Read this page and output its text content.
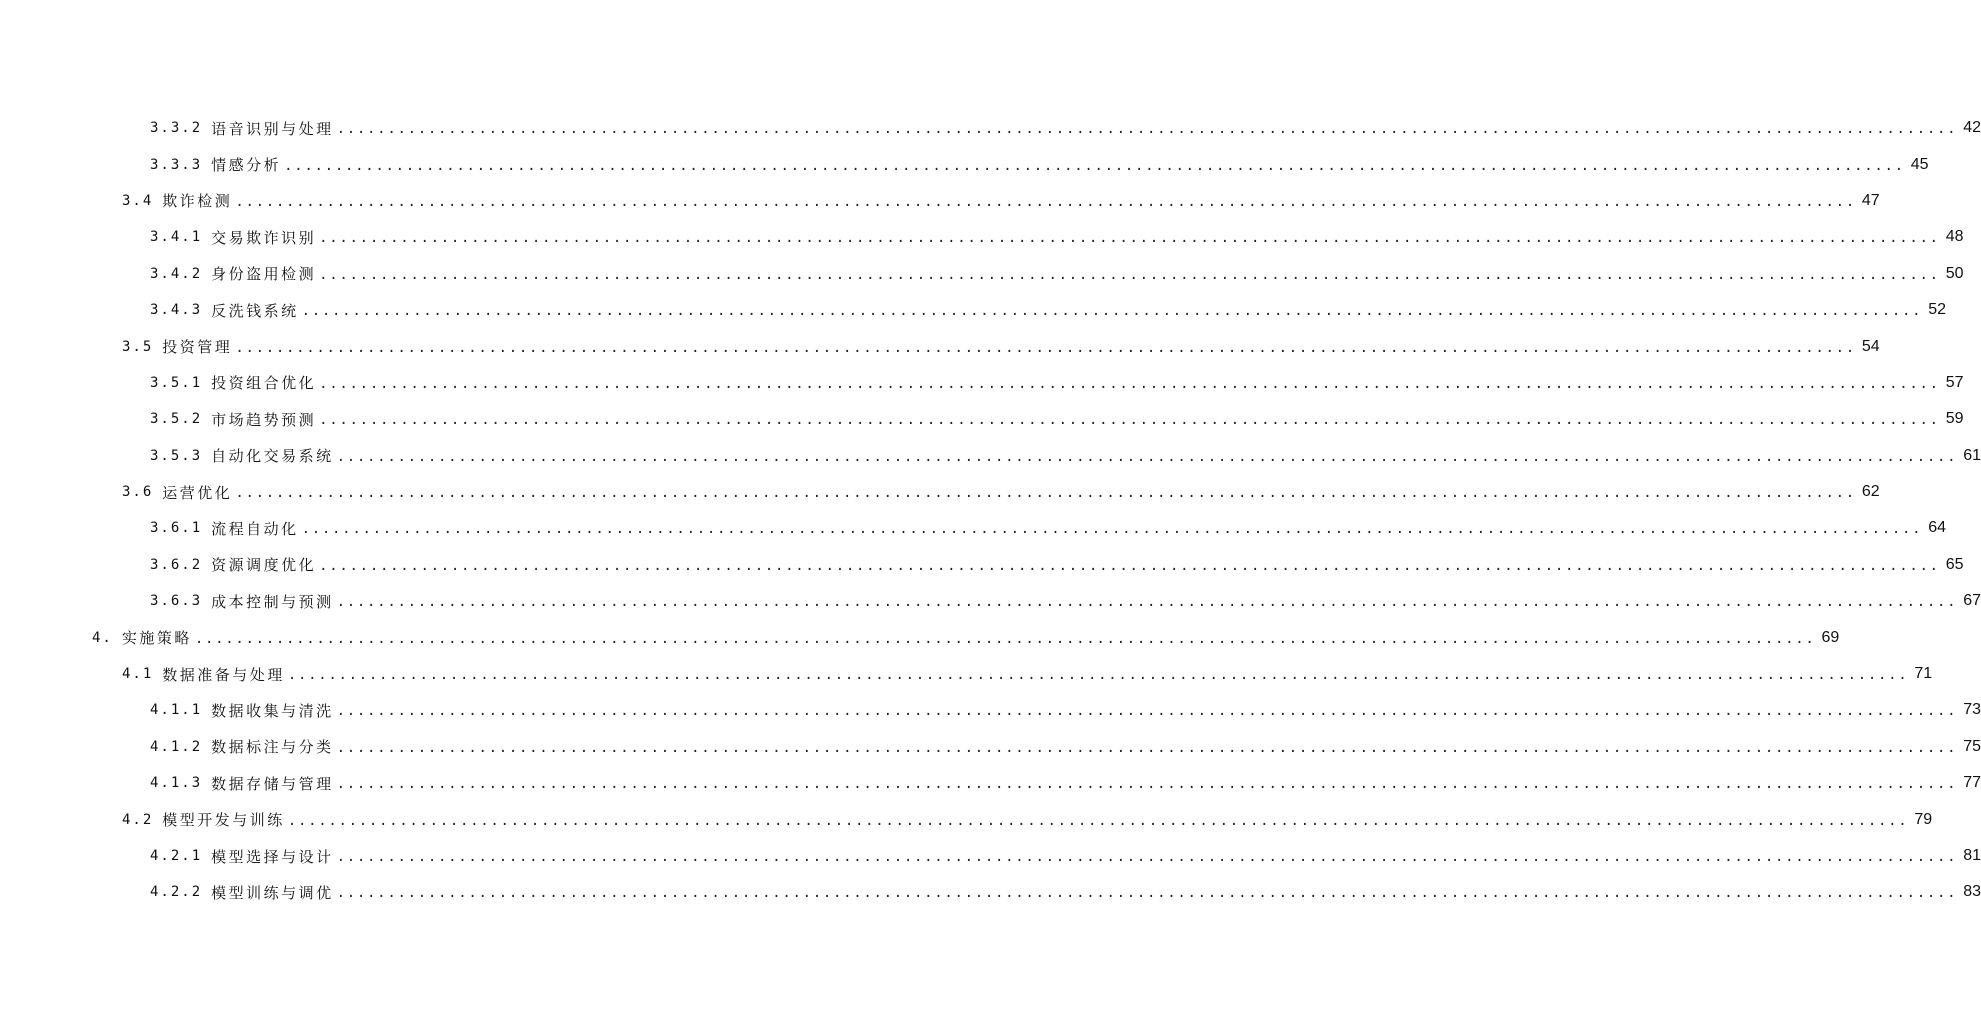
3.3.2 语音识别与处理 ................................................................................................................................................................ 42
3.3.3 情感分析 ................................................................................................................................................................ 45
3.4 欺诈检测 ................................................................................................................................................................ 47
3.4.1 交易欺诈识别 ................................................................................................................................................................ 48
3.4.2 身份盗用检测 ................................................................................................................................................................ 50
3.4.3 反洗钱系统 ................................................................................................................................................................ 52
3.5 投资管理 ................................................................................................................................................................ 54
3.5.1 投资组合优化 ................................................................................................................................................................ 57
3.5.2 市场趋势预测 ................................................................................................................................................................ 59
3.5.3 自动化交易系统 ................................................................................................................................................................ 61
3.6 运营优化 ................................................................................................................................................................ 62
3.6.1 流程自动化 ................................................................................................................................................................ 64
3.6.2 资源调度优化 ................................................................................................................................................................ 65
3.6.3 成本控制与预测 ................................................................................................................................................................ 67
4. 实施策略 ................................................................................................................................................................ 69
4.1 数据准备与处理 ................................................................................................................................................................ 71
4.1.1 数据收集与清洗 ................................................................................................................................................................ 73
4.1.2 数据标注与分类 ................................................................................................................................................................ 75
4.1.3 数据存储与管理 ................................................................................................................................................................ 77
4.2 模型开发与训练 ................................................................................................................................................................ 79
4.2.1 模型选择与设计 ................................................................................................................................................................ 81
4.2.2 模型训练与调优 ................................................................................................................................................................ 83
